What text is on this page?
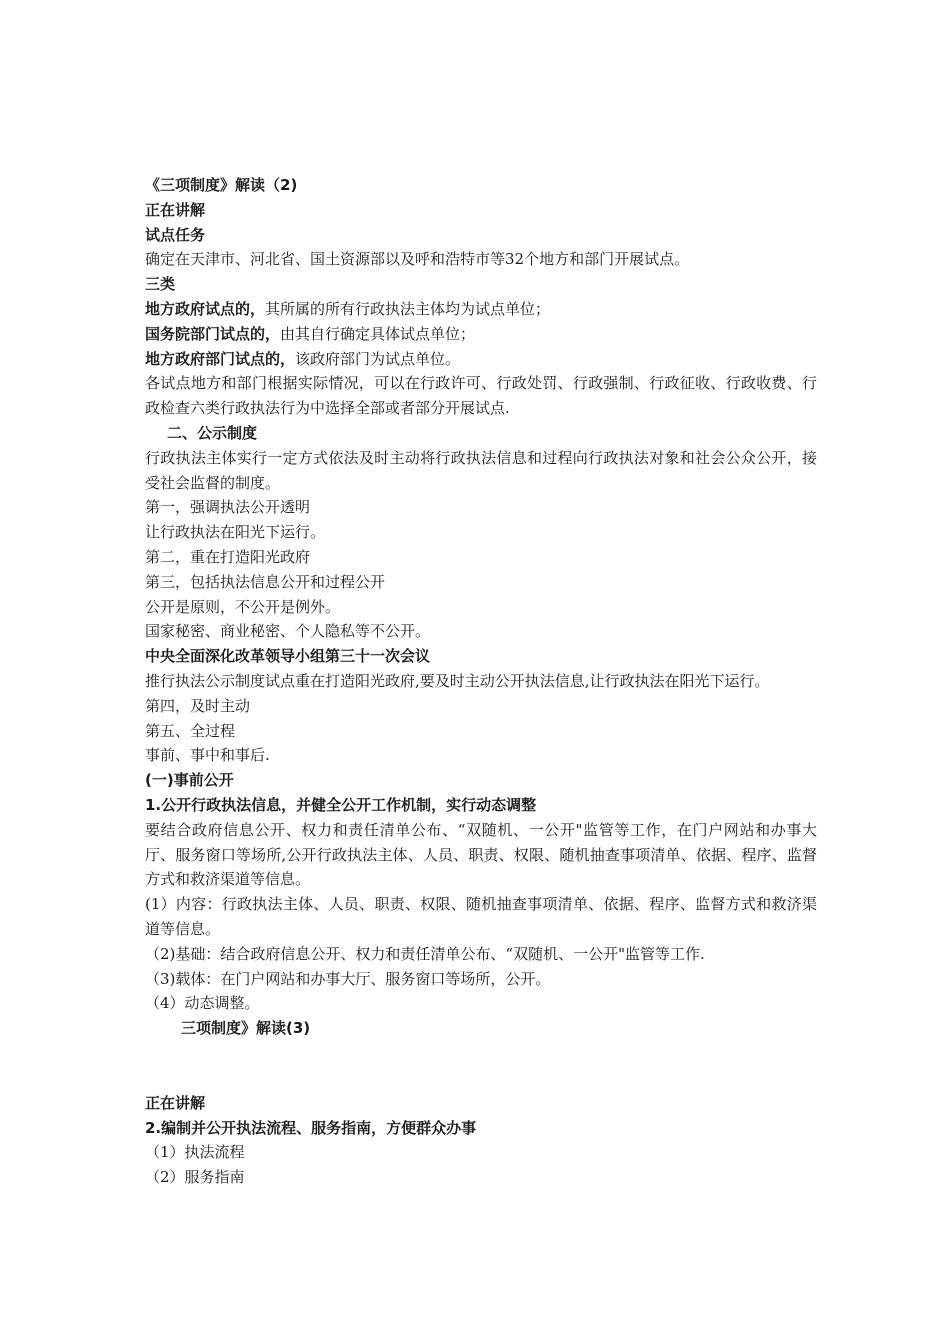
《三项制度》解读（2)
正在讲解
试点任务
确定在天津市、河北省、国土资源部以及呼和浩特市等32个地方和部门开展试点。
三类
地方政府试点的，其所属的所有行政执法主体均为试点单位；
国务院部门试点的，由其自行确定具体试点单位；
地方政府部门试点的，该政府部门为试点单位。
各试点地方和部门根据实际情况，可以在行政许可、行政处罚、行政强制、行政征收、行政收费、行政检查六类行政执法行为中选择全部或者部分开展试点.
二、公示制度
行政执法主体实行一定方式依法及时主动将行政执法信息和过程向行政执法对象和社会公众公开，接受社会监督的制度。
第一，强调执法公开透明
让行政执法在阳光下运行。
第二，重在打造阳光政府
第三，包括执法信息公开和过程公开
公开是原则，不公开是例外。
国家秘密、商业秘密、个人隐私等不公开。
中央全面深化改革领导小组第三十一次会议
推行执法公示制度试点重在打造阳光政府,要及时主动公开执法信息,让行政执法在阳光下运行。
第四，及时主动
第五、全过程
事前、事中和事后.
(一)事前公开
1.公开行政执法信息，并健全公开工作机制，实行动态调整
要结合政府信息公开、权力和责任清单公布、“双随机、一公开"监管等工作，在门户网站和办事大厅、服务窗口等场所,公开行政执法主体、人员、职责、权限、随机抽查事项清单、依据、程序、监督方式和救济渠道等信息。
(1）内容：行政执法主体、人员、职责、权限、随机抽查事项清单、依据、程序、监督方式和救济渠道等信息。
（2)基础：结合政府信息公开、权力和责任清单公布、“双随机、一公开"监管等工作.
（3)载体：在门户网站和办事大厅、服务窗口等场所，公开。
（4）动态调整。
三项制度》解读(3)
正在讲解
2.编制并公开执法流程、服务指南，方便群众办事
（1）执法流程
（2）服务指南
